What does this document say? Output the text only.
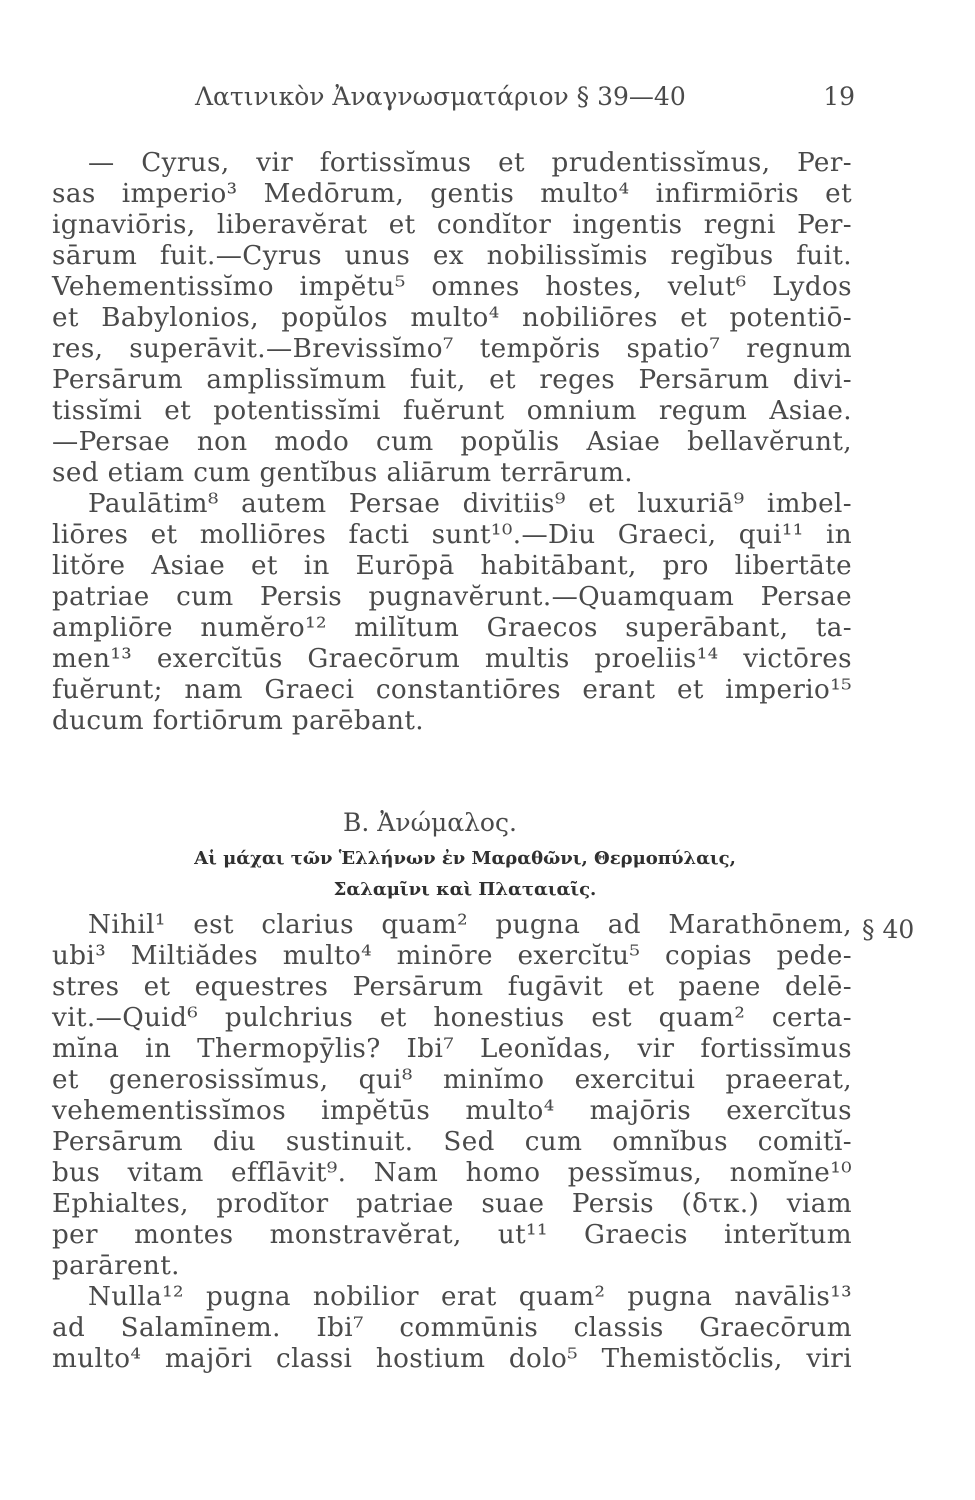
Λατινικὸν Ἀναγνωσματάριον § 39—40	19
— Cyrus, vir fortissĭmus et prudentissĭmus, Per-
sas imperio³ Medōrum, gentis multo⁴ infirmiōris et
ignaviōris, liberavĕrat et condĭtor ingentis regni Per-
sārum fuit.—Cyrus unus ex nobilissĭmis regĭbus fuit.
Vehementissĭmo impĕtu⁵ omnes hostes, velut⁶ Lydos
et Babylonios, popŭlos multo⁴ nobiliōres et potentiō-
res, superāvit.—Brevissĭmo⁷ tempŏris spatio⁷ regnum
Persārum amplissĭmum fuit, et reges Persārum divi-
tissĭmi et potentissĭmi fuĕrunt omnium regum Asiae.
—Persae non modo cum popŭlis Asiae bellavĕrunt,
sed etiam cum gentĭbus aliārum terrārum.
Paulātim⁸ autem Persae divitiis⁹ et luxuriā⁹ imbel-
liōres et molliōres facti sunt¹⁰.—Diu Graeci, qui¹¹ in
litŏre Asiae et in Eurōpā habitābant, pro libertāte
patriae cum Persis pugnavĕrunt.—Quamquam Persae
ampliōre numĕro¹² milĭtum Graecos superābant, ta-
men¹³ exercĭtūs Graecōrum multis proeliis¹⁴ victōres
fuĕrunt; nam Graeci constantiōres erant et imperio¹⁵
ducum fortiōrum parēbant.
B. Ἀνώμαλος.
Αἱ μάχαι τῶν Ἑλλήνων ἐν Μαραθῶνι, Θερμοπύλαις,
Σαλαμῖνι καὶ Πλαταιαῖς.
§ 40
Nihil¹ est clarius quam² pugna ad Marathōnem,
ubi³ Miltiădes multo⁴ minōre exercĭtu⁵ copias pede-
stres et equestres Persārum fugāvit et paene delē-
vit.—Quid⁶ pulchrius et honestius est quam² certa-
mĭna in Thermopȳlis? Ibi⁷ Leonĭdas, vir fortissĭmus
et generosissĭmus, qui⁸ minĭmo exercitui praeerat,
vehementissĭmos impĕtūs multo⁴ majōris exercĭtus
Persārum diu sustinuit. Sed cum omnĭbus comitĭ-
bus vitam efflāvit⁹. Nam homo pessĭmus, nomĭne¹⁰
Ephialtes, prodĭtor patriae suae Persis (δτκ.) viam
per montes monstravĕrat, ut¹¹ Graecis interĭtum
parārent.
Nulla¹² pugna nobilior erat quam² pugna navālis¹³
ad Salamīnem. Ibi⁷ commūnis classis Graecōrum
multo⁴ majōri classi hostium dolo⁵ Themistŏclis, viri
